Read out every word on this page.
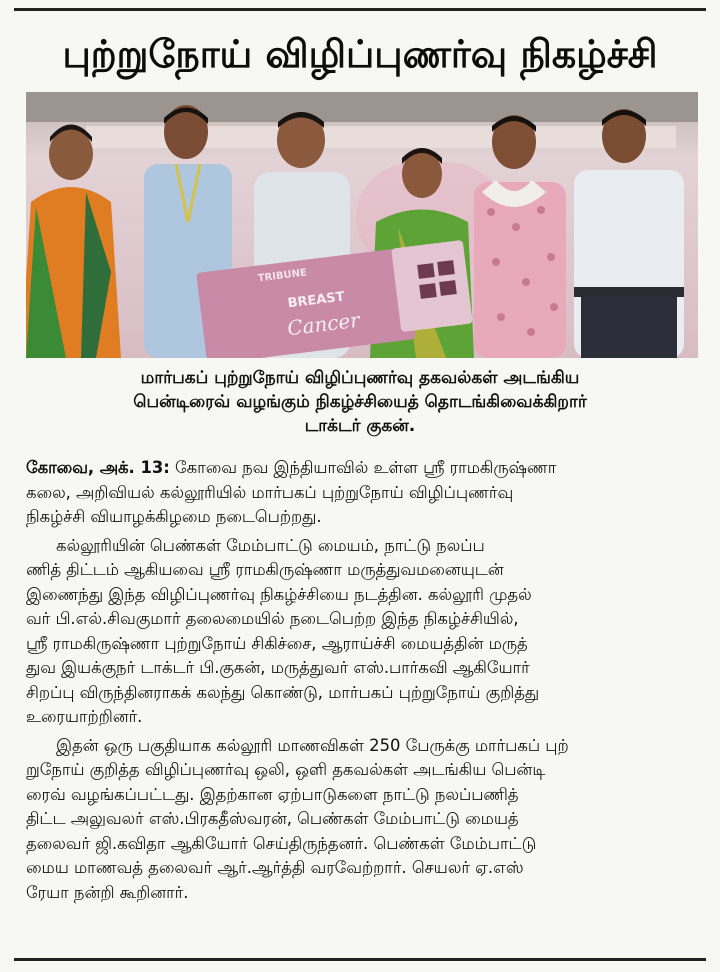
புற்றுநோய் விழிப்புணர்வு நிகழ்ச்சி
TRIBUNE
BREAST
Cancer
மார்பகப் புற்றுநோய் விழிப்புணர்வு தகவல்கள் அடங்கிய
பென்டிரைவ் வழங்கும் நிகழ்ச்சியைத் தொடங்கிவைக்கிறார்
டாக்டர் குகன்.
கோவை, அக். 13: கோவை நவ இந்தியாவில் உள்ள ஸ்ரீ ராமகிருஷ்ணா
கலை, அறிவியல் கல்லூரியில் மார்பகப் புற்றுநோய் விழிப்புணர்வு
நிகழ்ச்சி வியாழக்கிழமை நடைபெற்றது.
கல்லூரியின் பெண்கள் மேம்பாட்டு மையம், நாட்டு நலப்ப
ணித் திட்டம் ஆகியவை ஸ்ரீ ராமகிருஷ்ணா மருத்துவமனையுடன்
இணைந்து இந்த விழிப்புணர்வு நிகழ்ச்சியை நடத்தின. கல்லூரி முதல்
வர் பி.எல்.சிவகுமார் தலைமையில் நடைபெற்ற இந்த நிகழ்ச்சியில்,
ஸ்ரீ ராமகிருஷ்ணா புற்றுநோய் சிகிச்சை, ஆராய்ச்சி மையத்தின் மருத்
துவ இயக்குநர் டாக்டர் பி.குகன், மருத்துவர் எஸ்.பார்கவி ஆகியோர்
சிறப்பு விருந்தினராகக் கலந்து கொண்டு, மார்பகப் புற்றுநோய் குறித்து
உரையாற்றினர்.
இதன் ஒரு பகுதியாக கல்லூரி மாணவிகள் 250 பேருக்கு மார்பகப் புற்
றுநோய் குறித்த விழிப்புணர்வு ஒலி, ஒளி தகவல்கள் அடங்கிய பென்டி
ரைவ் வழங்கப்பட்டது. இதற்கான ஏற்பாடுகளை நாட்டு நலப்பணித்
திட்ட அலுவலர் எஸ்.பிரகதீஸ்வரன், பெண்கள் மேம்பாட்டு மையத்
தலைவர் ஜி.கவிதா ஆகியோர் செய்திருந்தனர். பெண்கள் மேம்பாட்டு
மைய மாணவத் தலைவர் ஆர்.ஆர்த்தி வரவேற்றார். செயலர் ஏ.எஸ்
ரேயா நன்றி கூறினார்.
